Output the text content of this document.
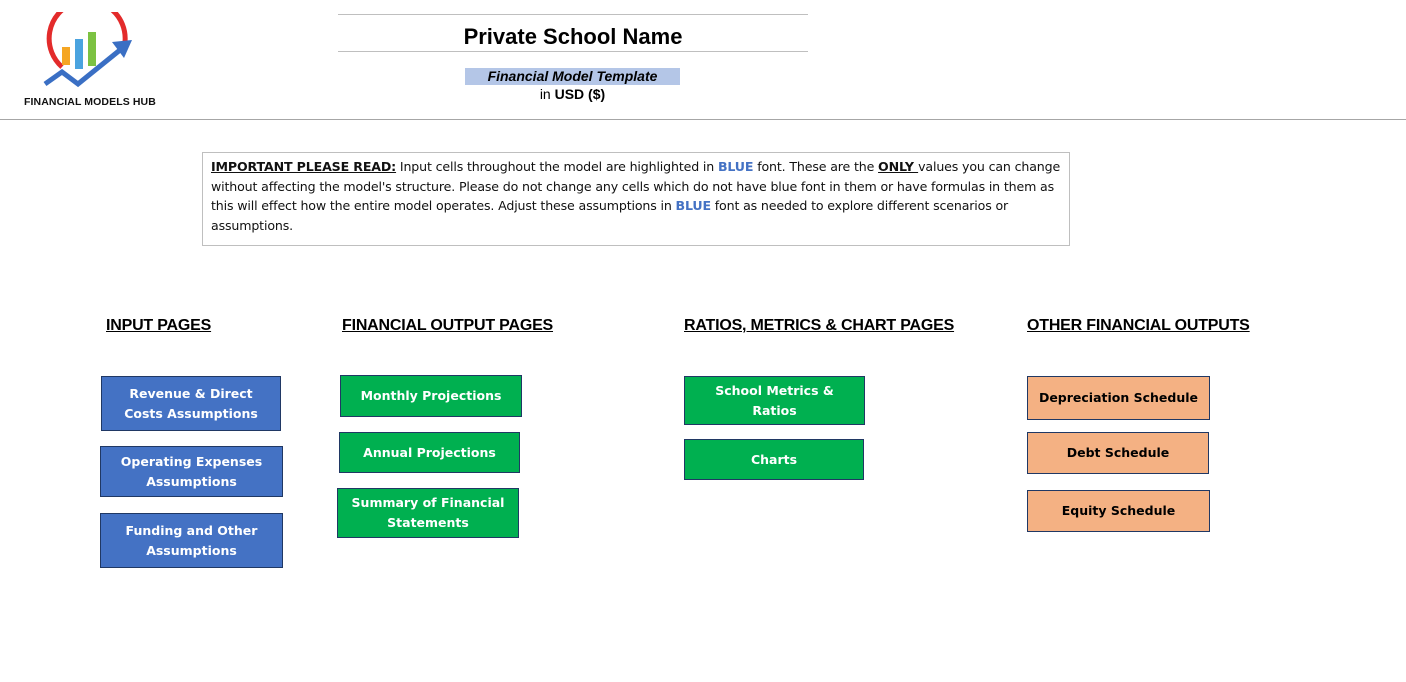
FINANCIAL MODELS HUB
Private School Name
Financial Model Template
in USD ($)
IMPORTANT PLEASE READ: Input cells throughout the model are highlighted in BLUE font. These are the ONLY values you can change without affecting the model's structure. Please do not change any cells which do not have blue font in them or have formulas in them as this will effect how the entire model operates. Adjust these assumptions in BLUE font as needed to explore different scenarios or assumptions.
INPUT PAGES	FINANCIAL OUTPUT PAGES	RATIOS, METRICS & CHART PAGES	OTHER FINANCIAL OUTPUTS
Revenue & Direct Costs Assumptions
Operating Expenses Assumptions
Funding and Other Assumptions
Monthly Projections
Annual Projections
Summary of Financial Statements
School Metrics & Ratios
Charts
Depreciation Schedule
Debt Schedule
Equity Schedule
